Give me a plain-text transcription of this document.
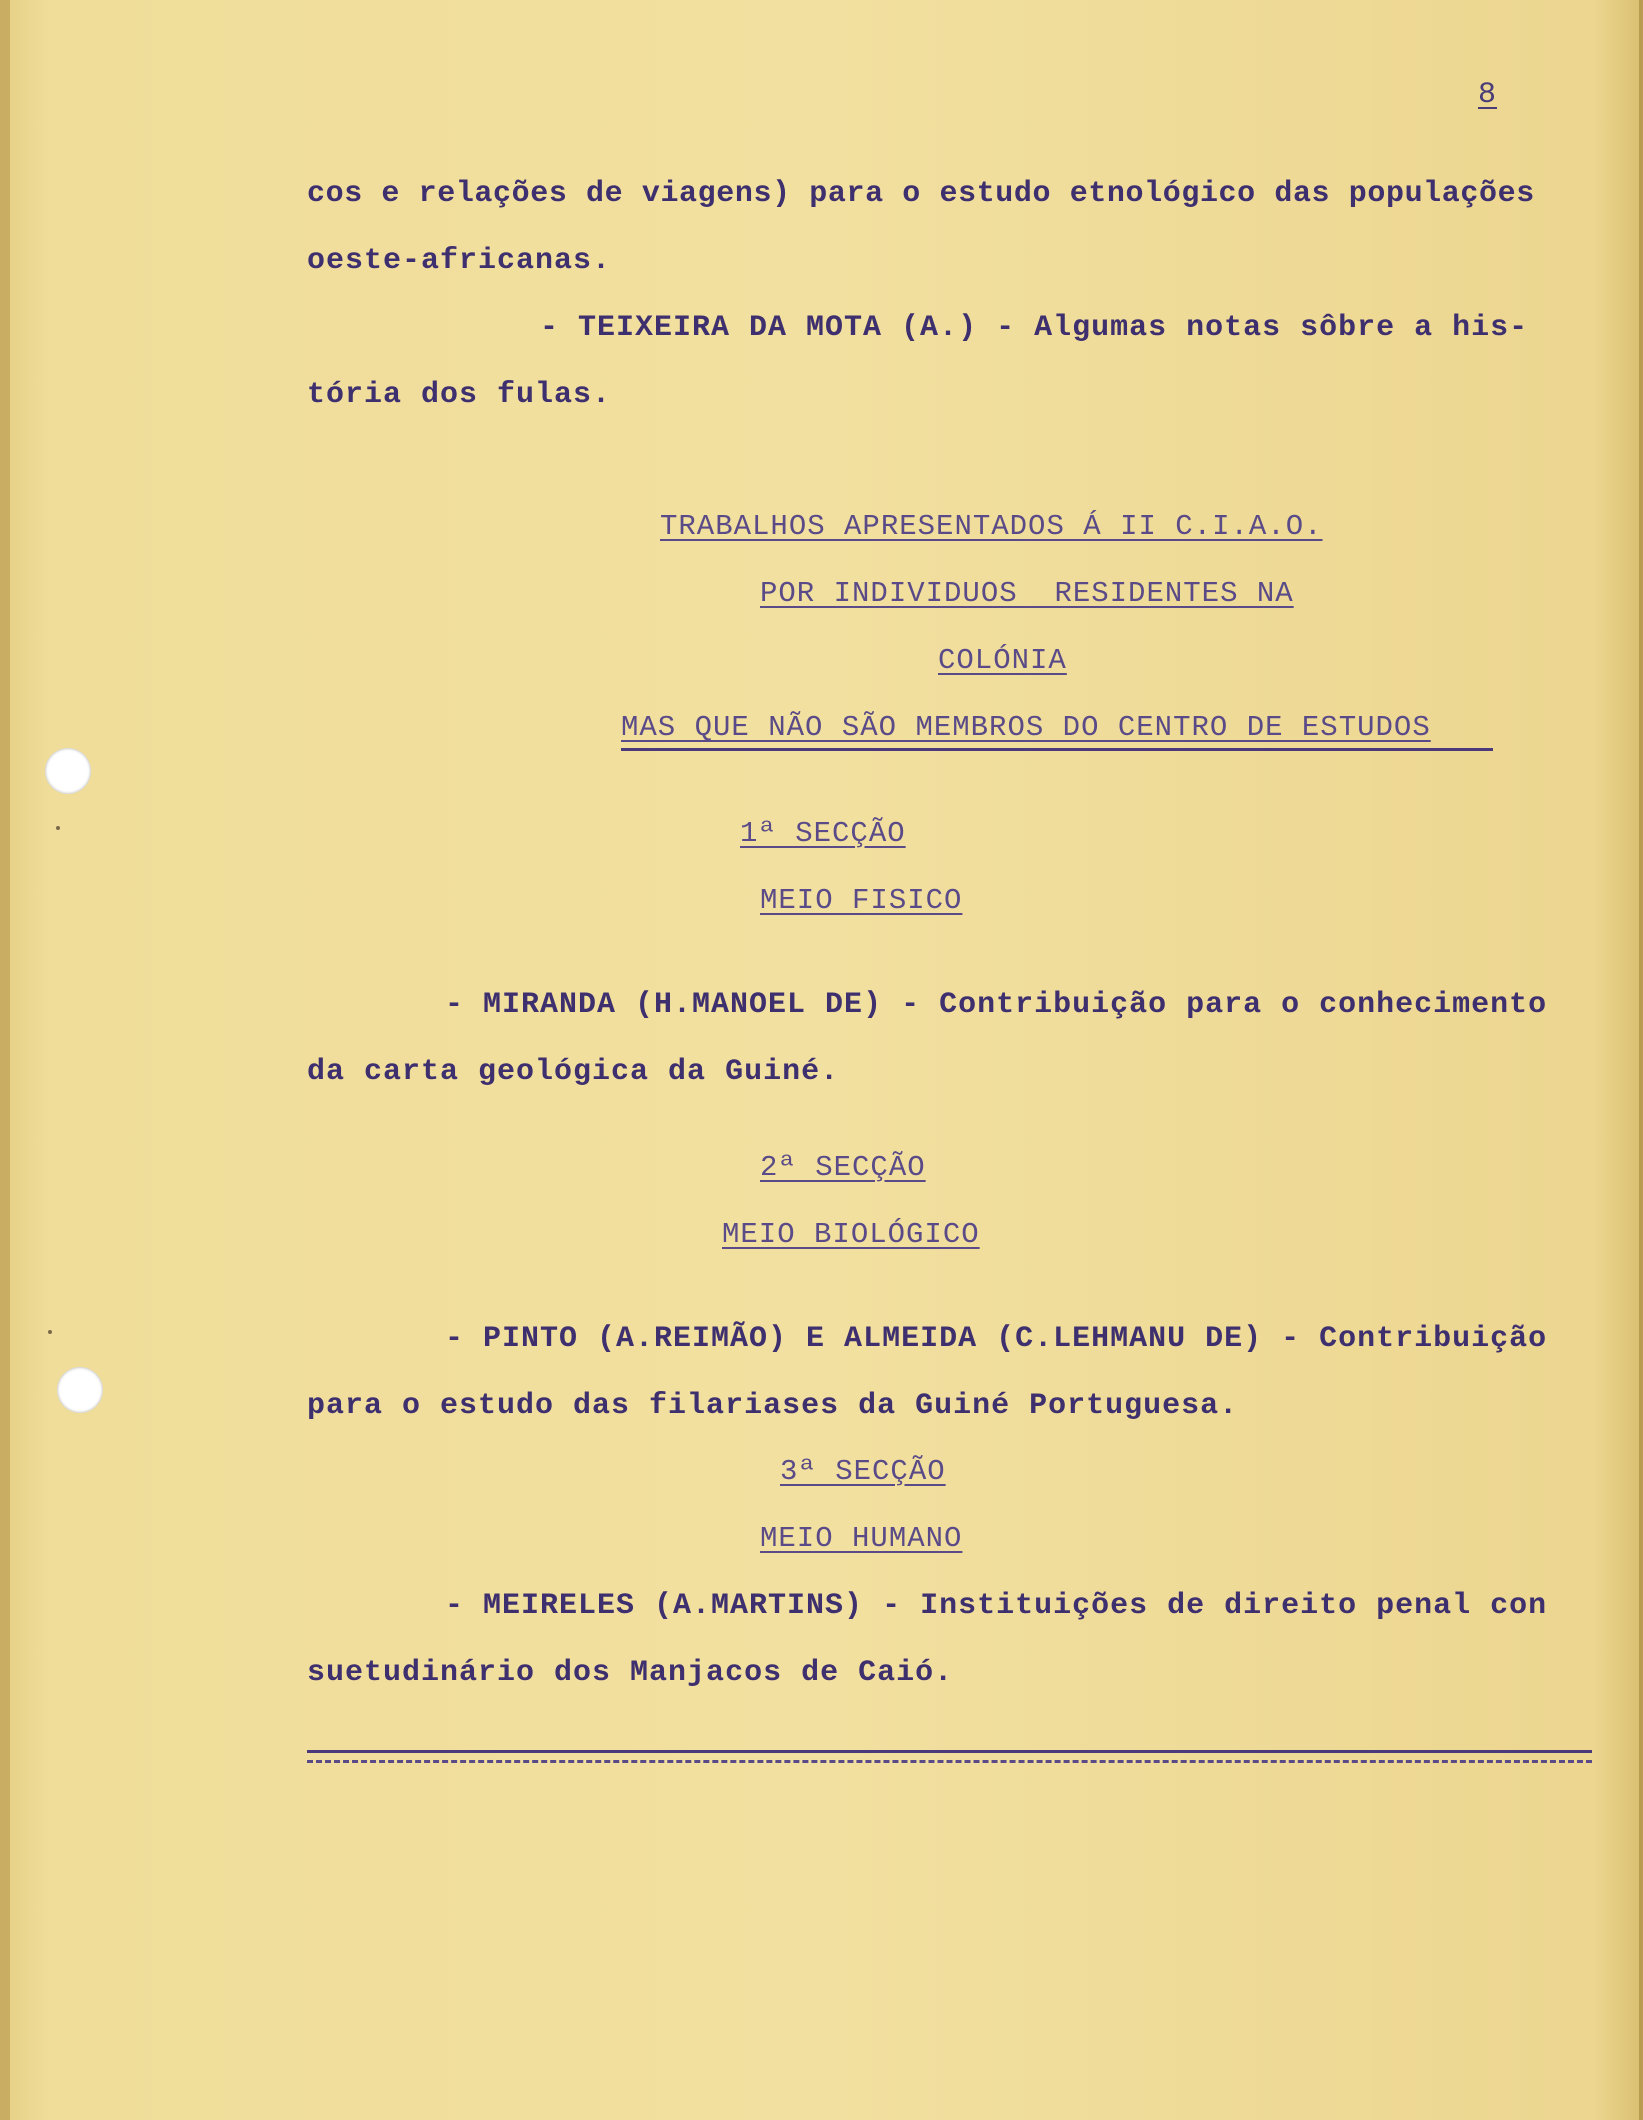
8
cos e relações de viagens) para o estudo etnológico das populações
oeste-africanas.
- TEIXEIRA DA MOTA (A.) - Algumas notas sôbre a his-
tória dos fulas.
TRABALHOS APRESENTADOS Á II C.I.A.O.
POR INDIVIDUOS  RESIDENTES NA
COLÓNIA
MAS QUE NÃO SÃO MEMBROS DO CENTRO DE ESTUDOS
1ª SECÇÃO
MEIO FISICO
- MIRANDA (H.MANOEL DE) - Contribuição para o conhecimento
da carta geológica da Guiné.
2ª SECÇÃO
MEIO BIOLÓGICO
- PINTO (A.REIMÃO) E ALMEIDA (C.LEHMANU DE) - Contribuição
para o estudo das filariases da Guiné Portuguesa.
3ª SECÇÃO
MEIO HUMANO
- MEIRELES (A.MARTINS) - Instituições de direito penal con
suetudinário dos Manjacos de Caió.
